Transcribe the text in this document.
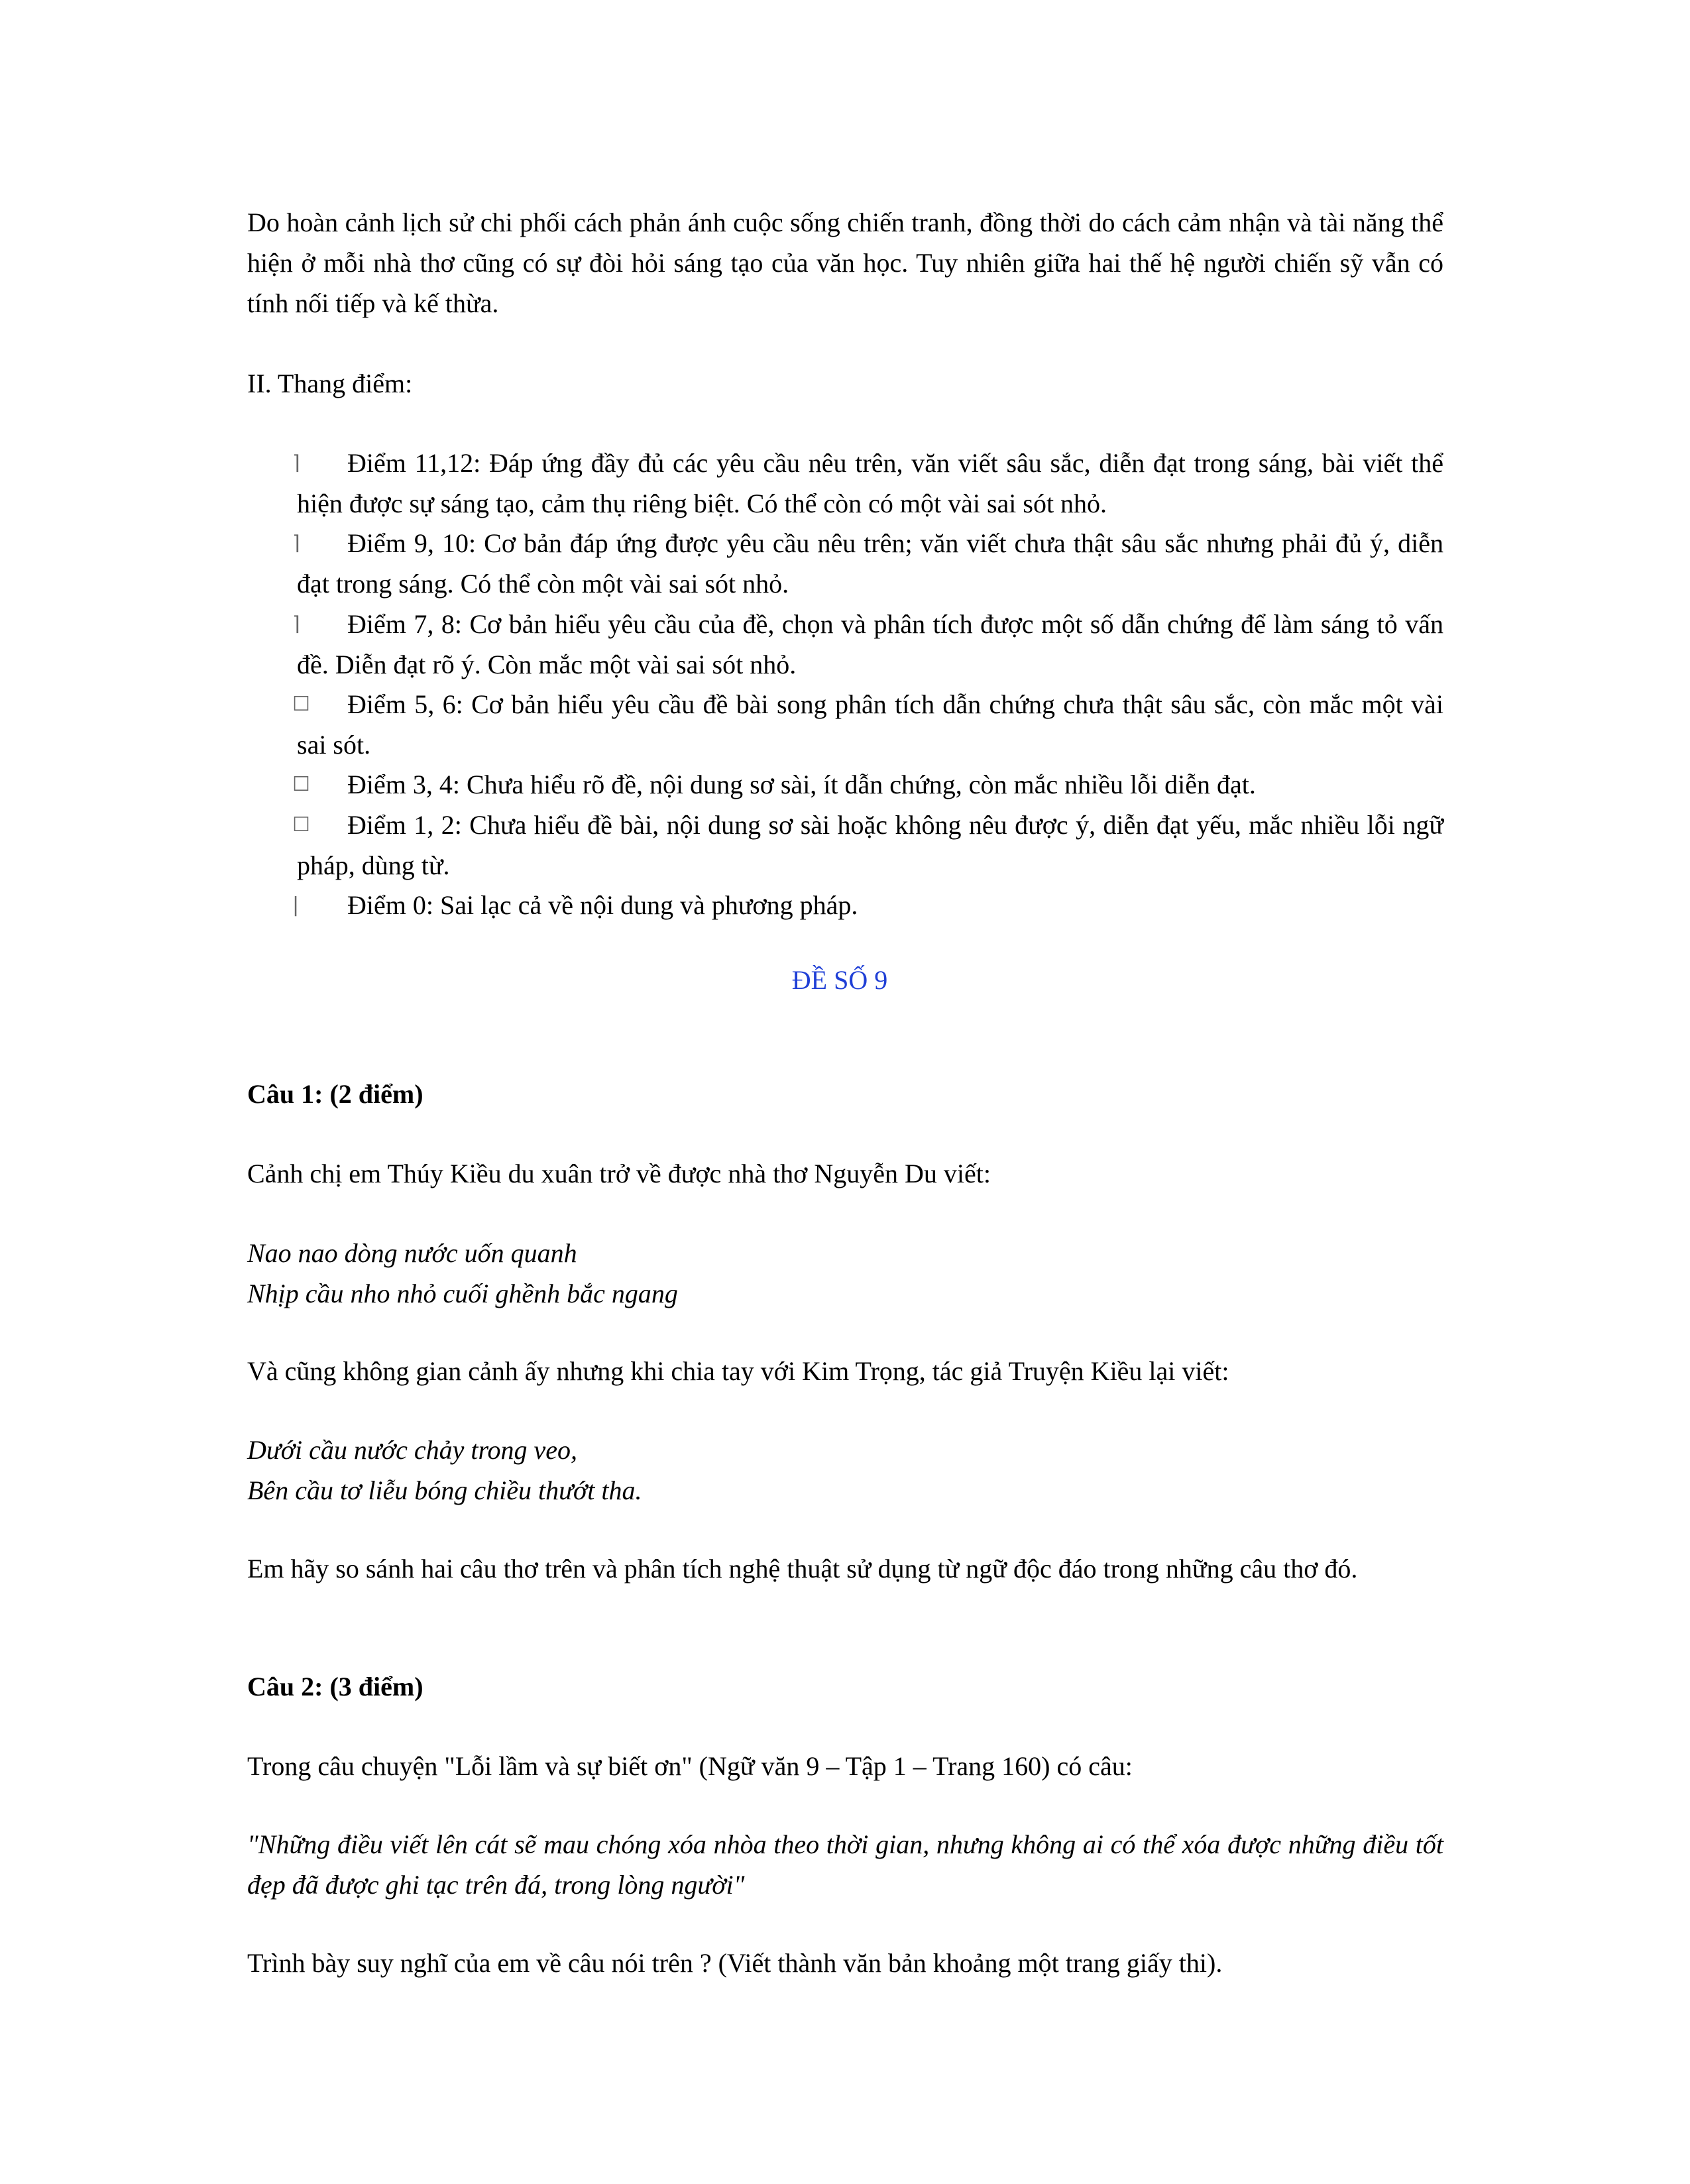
Do hoàn cảnh lịch sử chi phối cách phản ánh cuộc sống chiến tranh, đồng thời do cách cảm nhận và tài năng thể hiện ở mỗi nhà thơ cũng có sự đòi hỏi sáng tạo của văn học. Tuy nhiên giữa hai thế hệ người chiến sỹ vẫn có tính nối tiếp và kế thừa.

II. Thang điểm:

⌉	Điểm 11,12: Đáp ứng đầy đủ các yêu cầu nêu trên, văn viết sâu sắc, diễn đạt trong sáng, bài viết thể hiện được sự sáng tạo, cảm thụ riêng biệt. Có thể còn có một vài sai sót nhỏ.
⌉	Điểm 9, 10: Cơ bản đáp ứng được yêu cầu nêu trên; văn viết chưa thật sâu sắc nhưng phải đủ ý, diễn đạt trong sáng. Có thể còn một vài sai sót nhỏ.
⌉	Điểm 7, 8: Cơ bản hiểu yêu cầu của đề, chọn và phân tích được một số dẫn chứng để làm sáng tỏ vấn đề. Diễn đạt rõ ý. Còn mắc một vài sai sót nhỏ.
☐	Điểm 5, 6: Cơ bản hiểu yêu cầu đề bài song phân tích dẫn chứng chưa thật sâu sắc, còn mắc một vài sai sót.
☐	Điểm 3, 4: Chưa hiểu rõ đề, nội dung sơ sài, ít dẫn chứng, còn mắc nhiều lỗi diễn đạt.
☐	Điểm 1, 2: Chưa hiểu đề bài, nội dung sơ sài hoặc không nêu được ý, diễn đạt yếu, mắc nhiều lỗi ngữ pháp, dùng từ.
|	Điểm 0: Sai lạc cả về nội dung và phương pháp.

ĐỀ SỐ 9

Câu 1: (2 điểm)

Cảnh chị em Thúy Kiều du xuân trở về được nhà thơ Nguyễn Du viết:

Nao nao dòng nước uốn quanh

Nhịp cầu nho nhỏ cuối ghềnh bắc ngang

Và cũng không gian cảnh ấy nhưng khi chia tay với Kim Trọng, tác giả Truyện Kiều lại viết:

Dưới cầu nước chảy trong veo,

Bên cầu tơ liễu bóng chiều thướt tha.

Em hãy so sánh hai câu thơ trên và phân tích nghệ thuật sử dụng từ ngữ độc đáo trong những câu thơ đó.

Câu 2: (3 điểm)

Trong câu chuyện "Lỗi lầm và sự biết ơn" (Ngữ văn 9 – Tập 1 – Trang 160) có câu:

"Những điều viết lên cát sẽ mau chóng xóa nhòa theo thời gian, nhưng không ai có thể xóa được những điều tốt đẹp đã được ghi tạc trên đá, trong lòng người"

Trình bày suy nghĩ của em về câu nói trên ? (Viết thành văn bản khoảng một trang giấy thi).
